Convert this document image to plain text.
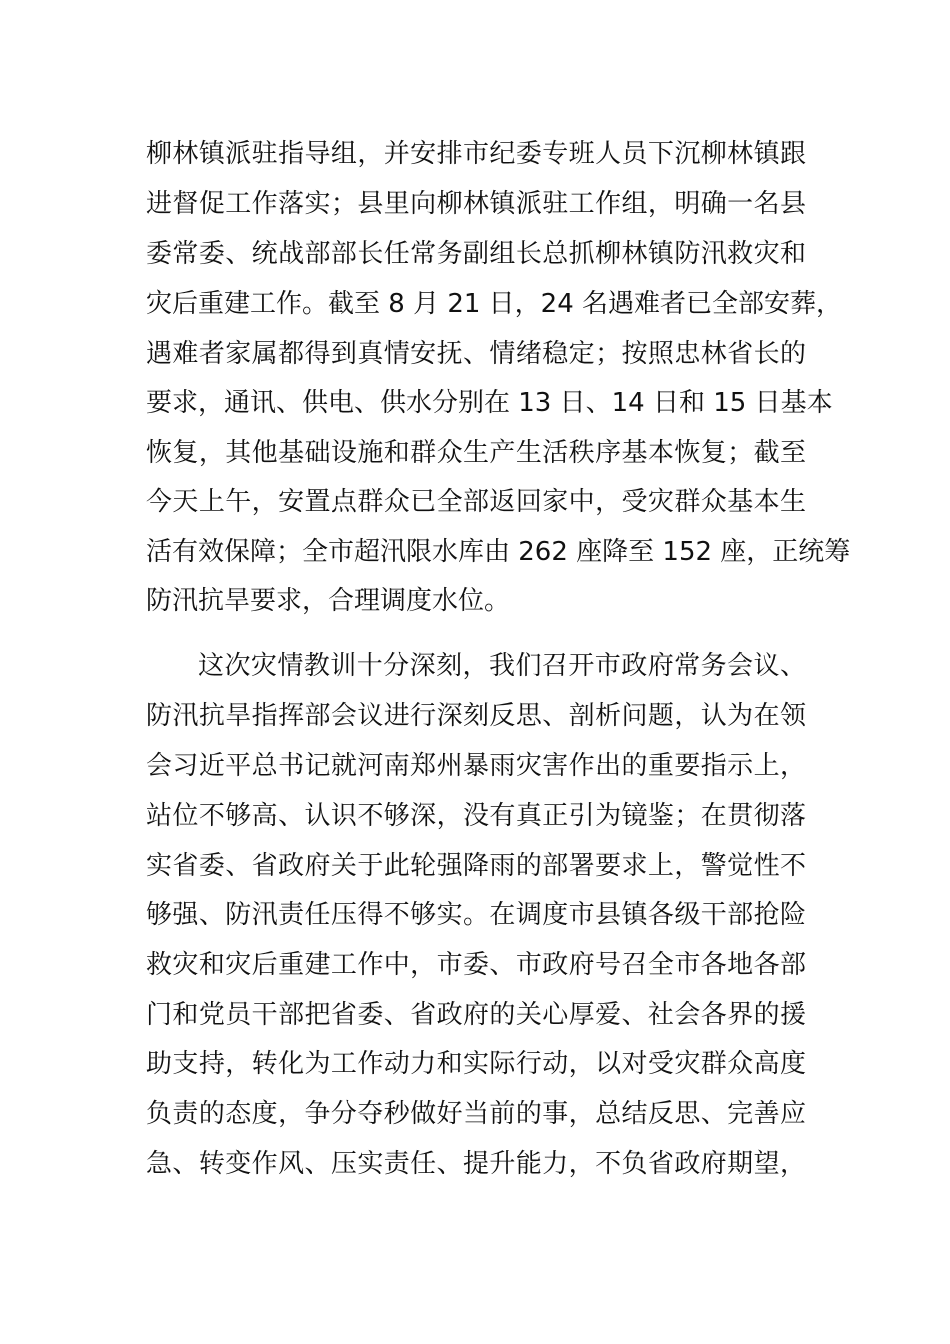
柳林镇派驻指导组，并安排市纪委专班人员下沉柳林镇跟
进督促工作落实；县里向柳林镇派驻工作组，明确一名县
委常委、统战部部长任常务副组长总抓柳林镇防汛救灾和
灾后重建工作。截至 8 月 21 日，24 名遇难者已全部安葬，
遇难者家属都得到真情安抚、情绪稳定；按照忠林省长的
要求，通讯、供电、供水分别在 13 日、14 日和 15 日基本
恢复，其他基础设施和群众生产生活秩序基本恢复；截至
今天上午，安置点群众已全部返回家中，受灾群众基本生
活有效保障；全市超汛限水库由 262 座降至 152 座，正统筹
防汛抗旱要求，合理调度水位。
这次灾情教训十分深刻，我们召开市政府常务会议、
防汛抗旱指挥部会议进行深刻反思、剖析问题，认为在领
会习近平总书记就河南郑州暴雨灾害作出的重要指示上，
站位不够高、认识不够深，没有真正引为镜鉴；在贯彻落
实省委、省政府关于此轮强降雨的部署要求上，警觉性不
够强、防汛责任压得不够实。在调度市县镇各级干部抢险
救灾和灾后重建工作中，市委、市政府号召全市各地各部
门和党员干部把省委、省政府的关心厚爱、社会各界的援
助支持，转化为工作动力和实际行动，以对受灾群众高度
负责的态度，争分夺秒做好当前的事，总结反思、完善应
急、转变作风、压实责任、提升能力，不负省政府期望，
